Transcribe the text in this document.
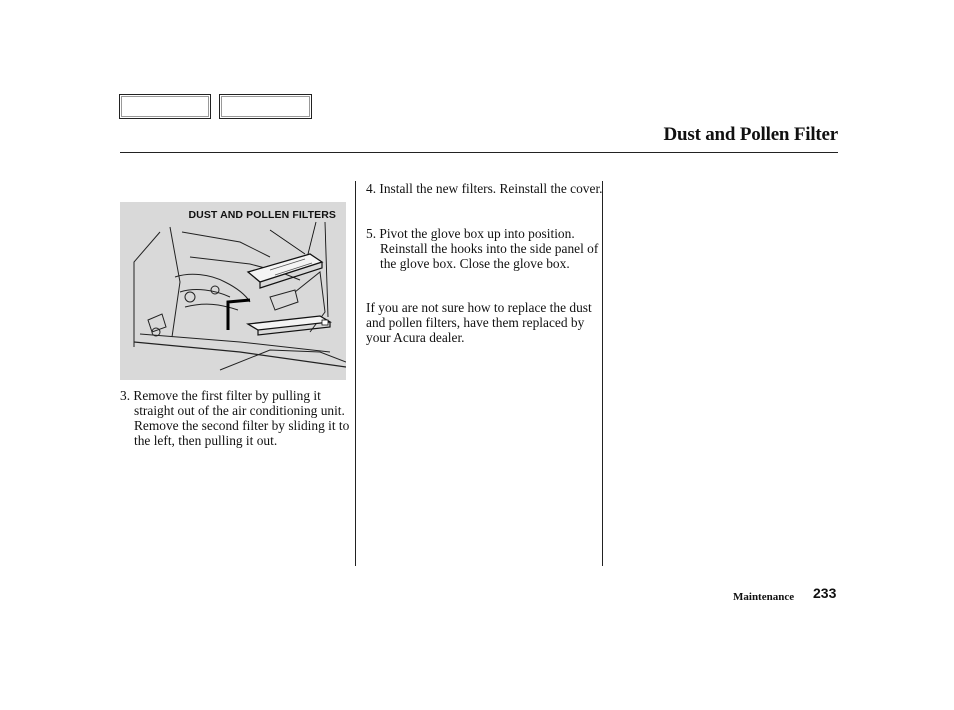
Dust and Pollen Filter
DUST AND POLLEN FILTERS
3. Remove the first filter by pulling it straight out of the air conditioning unit. Remove the second filter by sliding it to the left, then pulling it out.
4. Install the new filters. Reinstall the cover.
5. Pivot the glove box up into position. Reinstall the hooks into the side panel of the glove box. Close the glove box.
If you are not sure how to replace the dust and pollen filters, have them replaced by your Acura dealer.
Maintenance 233
